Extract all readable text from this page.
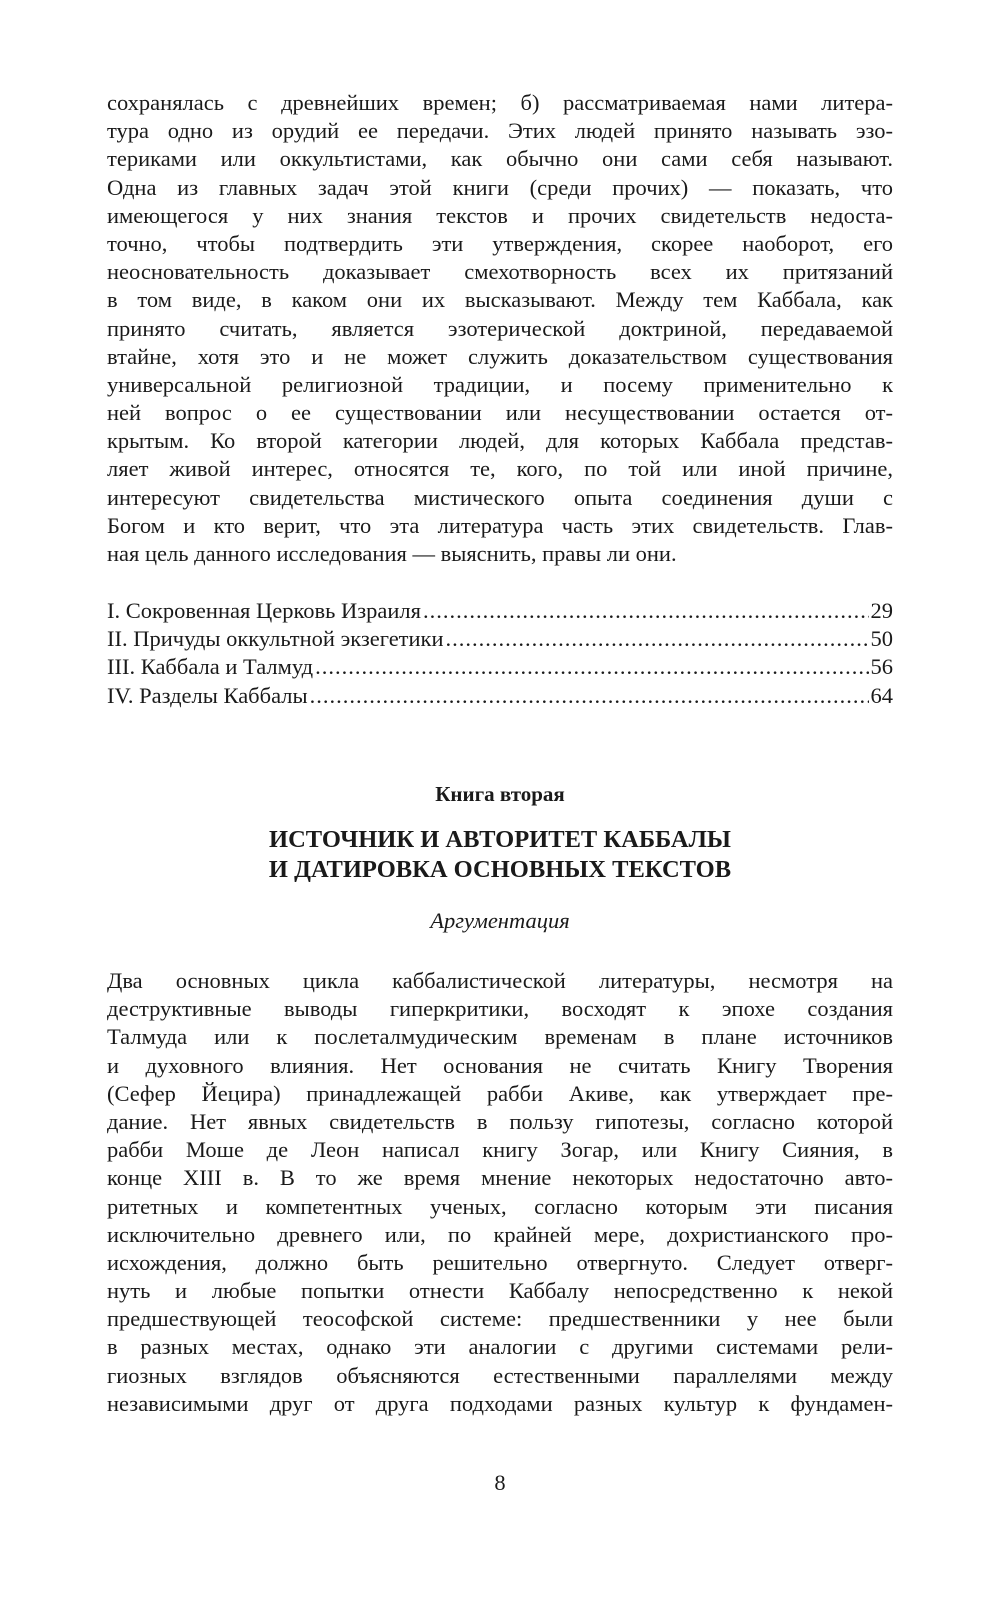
сохранялась с древнейших времен; б) рассматриваемая нами литера-
тура одно из орудий ее передачи. Этих людей принято называть эзо-
териками или оккультистами, как обычно они сами себя называют.
Одна из главных задач этой книги (среди прочих) — показать, что
имеющегося у них знания текстов и прочих свидетельств недоста-
точно, чтобы подтвердить эти утверждения, скорее наоборот, его
неосновательность доказывает смехотворность всех их притязаний
в том виде, в каком они их высказывают. Между тем Каббала, как
принято считать, является эзотерической доктриной, передаваемой
втайне, хотя это и не может служить доказательством существования
универсальной религиозной традиции, и посему применительно к
ней вопрос о ее существовании или несуществовании остается от-
крытым. Ко второй категории людей, для которых Каббала представ-
ляет живой интерес, относятся те, кого, по той или иной причине,
интересуют свидетельства мистического опыта соединения души с
Богом и кто верит, что эта литература часть этих свидетельств. Глав-
ная цель данного исследования — выяснить, правы ли они.
I. Сокровенная Церковь Израиля .....	29
II. Причуды оккультной экзегетики .....	50
III. Каббала и Талмуд .....	56
IV. Разделы Каббалы .....	64
Книга вторая
ИСТОЧНИК И АВТОРИТЕТ КАББАЛЫ
И ДАТИРОВКА ОСНОВНЫХ ТЕКСТОВ
Аргументация
Два основных цикла каббалистической литературы, несмотря на
деструктивные выводы гиперкритики, восходят к эпохе создания
Талмуда или к послеталмудическим временам в плане источников
и духовного влияния. Нет основания не считать Книгу Творения
(Сефер Йецира) принадлежащей рабби Акиве, как утверждает пре-
дание. Нет явных свидетельств в пользу гипотезы, согласно которой
рабби Моше де Леон написал книгу Зогар, или Книгу Сияния, в
конце XIII в. В то же время мнение некоторых недостаточно авто-
ритетных и компетентных ученых, согласно которым эти писания
исключительно древнего или, по крайней мере, дохристианского про-
исхождения, должно быть решительно отвергнуто. Следует отверг-
нуть и любые попытки отнести Каббалу непосредственно к некой
предшествующей теософской системе: предшественники у нее были
в разных местах, однако эти аналогии с другими системами рели-
гиозных взглядов объясняются естественными параллелями между
независимыми друг от друга подходами разных культур к фундамен-
8
